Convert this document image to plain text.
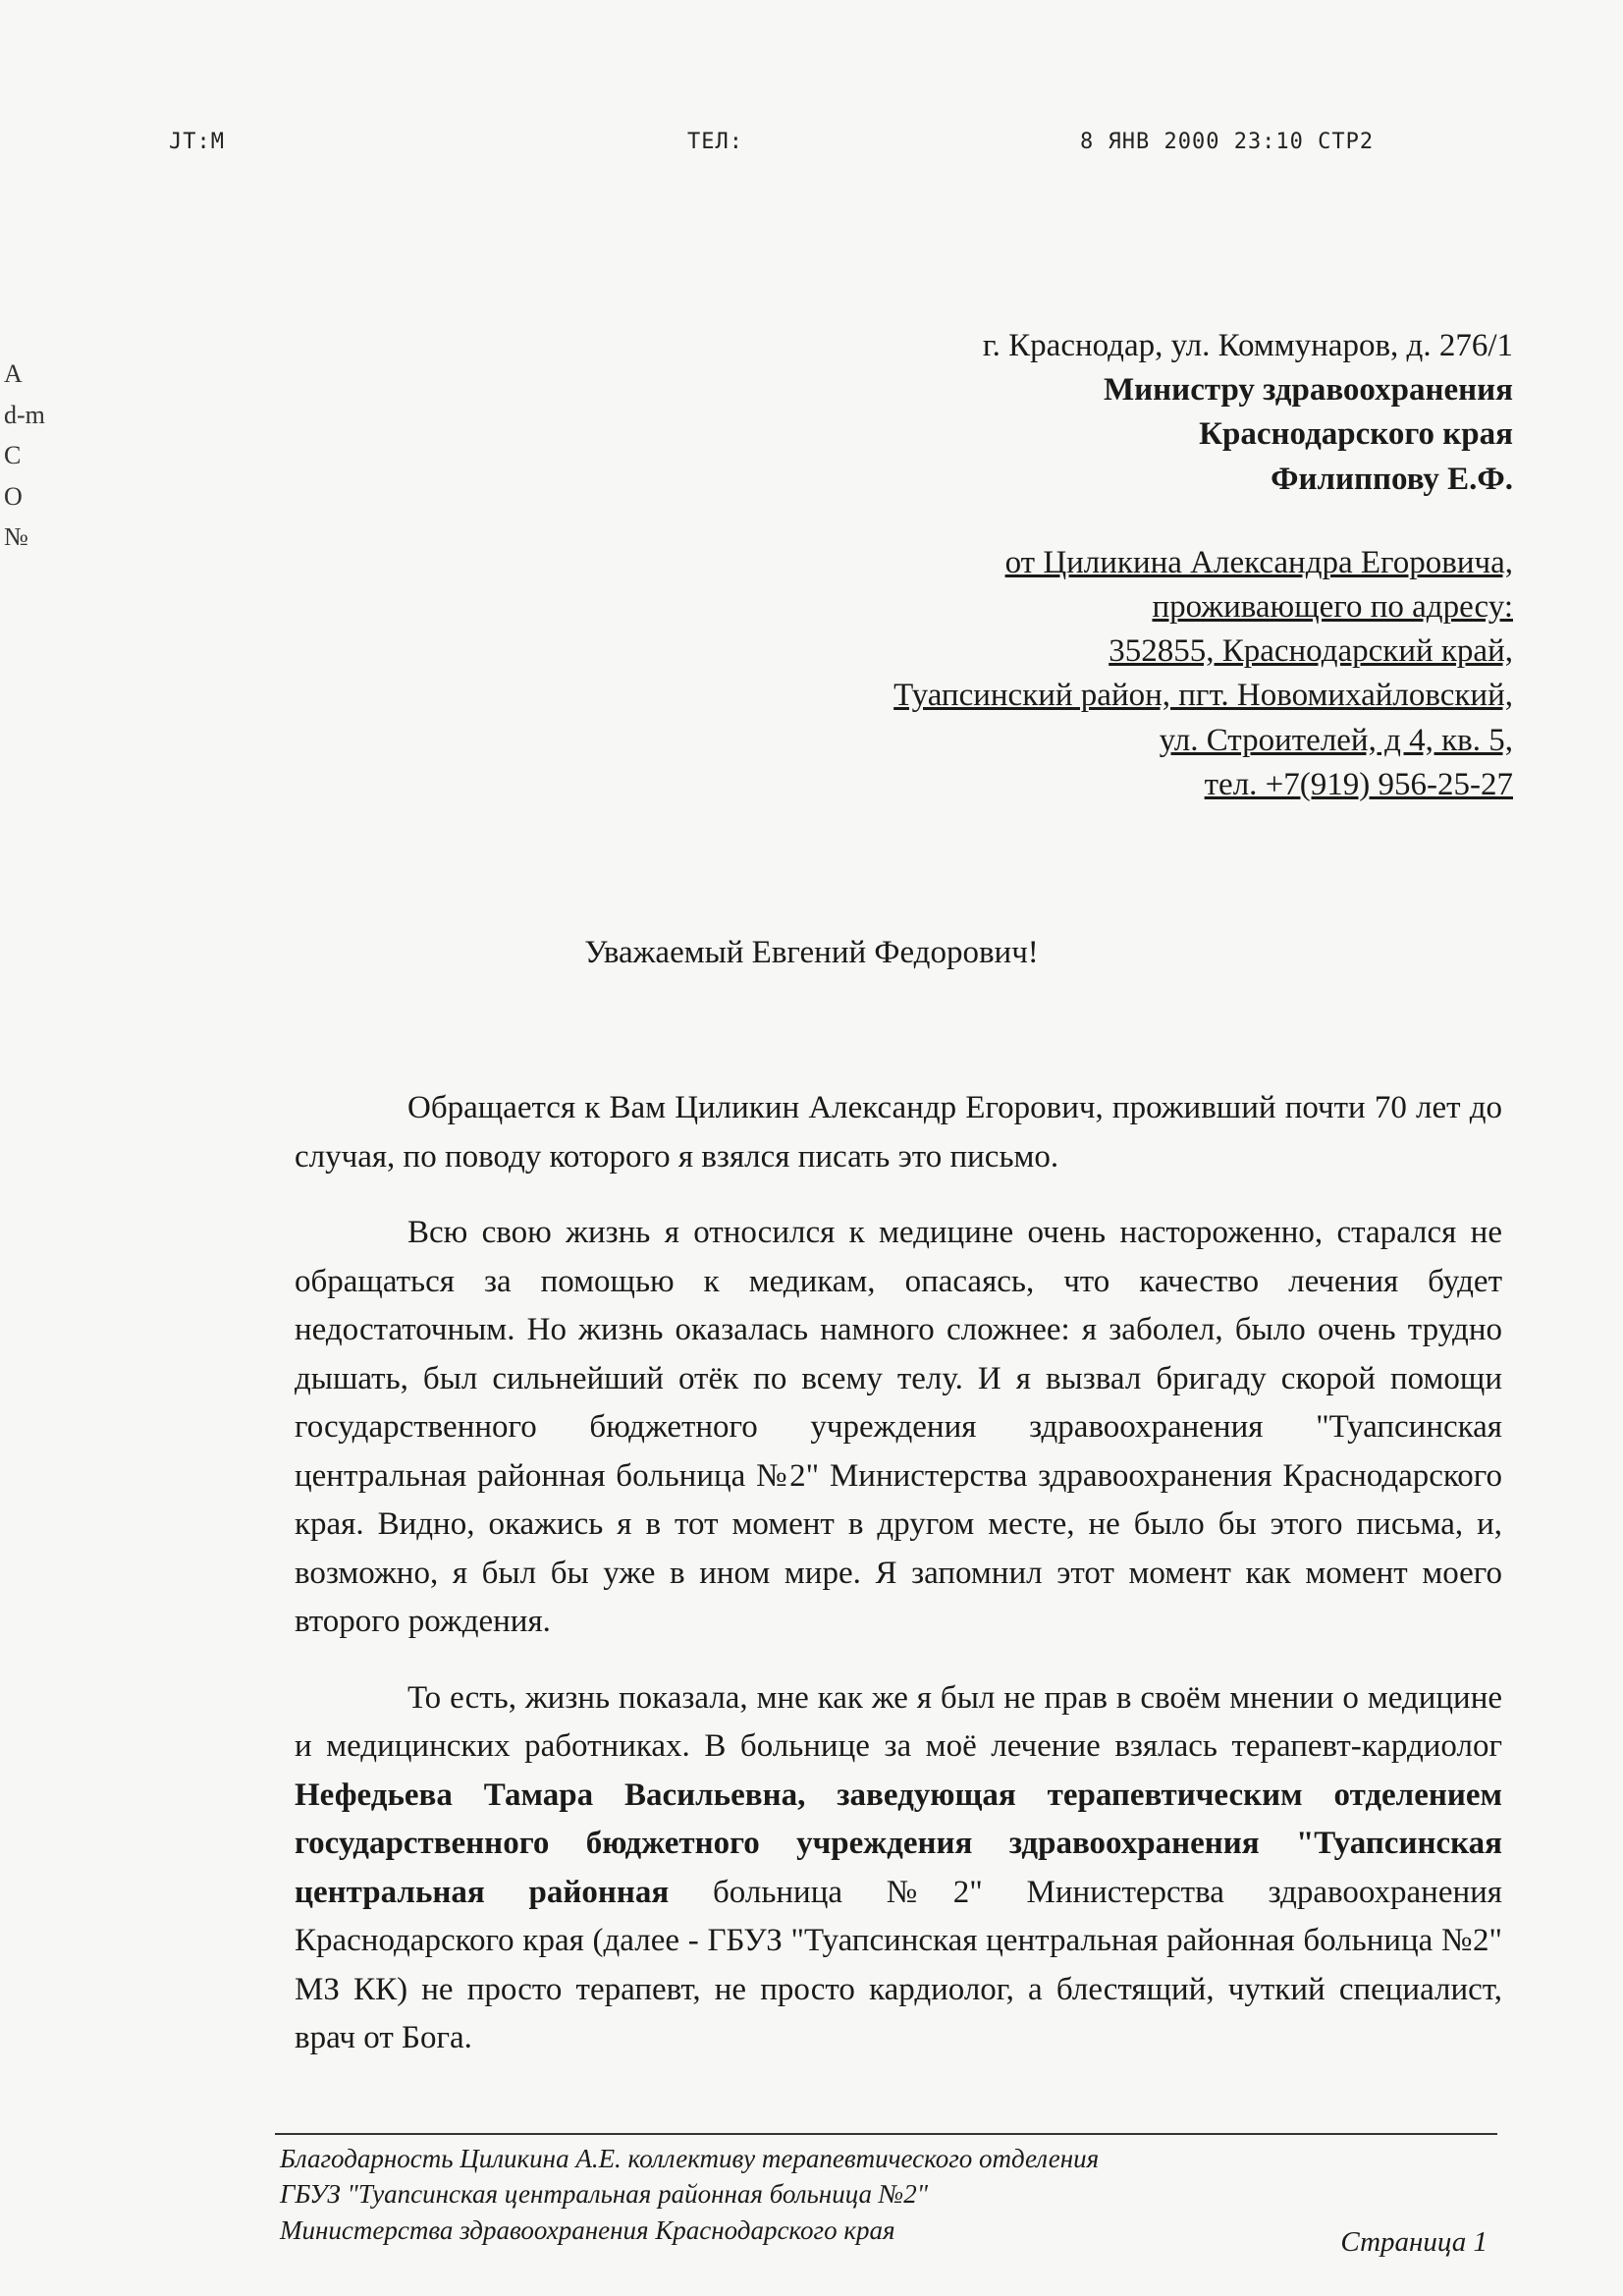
JT:M	ТЕЛ:	8 ЯНВ 2000 23:10 СТР2
A
d-m
C
O
№
г. Краснодар, ул. Коммунаров, д. 276/1
Министру здравоохранения
Краснодарского края
Филиппову Е.Ф.
от Циликина Александра Егоровича,
проживающего по адресу:
352855, Краснодарский край,
Туапсинский район, пгт. Новомихайловский,
ул. Строителей, д 4, кв. 5,
тел. +7(919) 956-25-27
Уважаемый Евгений Федорович!

Обращается к Вам Циликин Александр Егорович, проживший почти 70 лет до случая, по поводу которого я взялся писать это письмо.

Всю свою жизнь я относился к медицине очень настороженно, старался не обращаться за помощью к медикам, опасаясь, что качество лечения будет недостаточным. Но жизнь оказалась намного сложнее: я заболел, было очень трудно дышать, был сильнейший отёк по всему телу. И я вызвал бригаду скорой помощи государственного бюджетного учреждения здравоохранения "Туапсинская центральная районная больница №2" Министерства здравоохранения Краснодарского края. Видно, окажись я в тот момент в другом месте, не было бы этого письма, и, возможно, я был бы уже в ином мире. Я запомнил этот момент как момент моего второго рождения.

То есть, жизнь показала, мне как же я был не прав в своём мнении о медицине и медицинских работниках. В больнице за моё лечение взялась терапевт-кардиолог Нефедьева Тамара Васильевна, заведующая терапевтическим отделением государственного бюджетного учреждения здравоохранения "Туапсинская центральная районная больница №2" Министерства здравоохранения Краснодарского края (далее - ГБУЗ "Туапсинская центральная районная больница №2" МЗ КК) не просто терапевт, не просто кардиолог, а блестящий, чуткий специалист, врач от Бога.

Благодарность Циликина А.Е. коллективу терапевтического отделения
ГБУЗ "Туапсинская центральная районная больница №2"
Министерства здравоохранения Краснодарского края	Страница 1
